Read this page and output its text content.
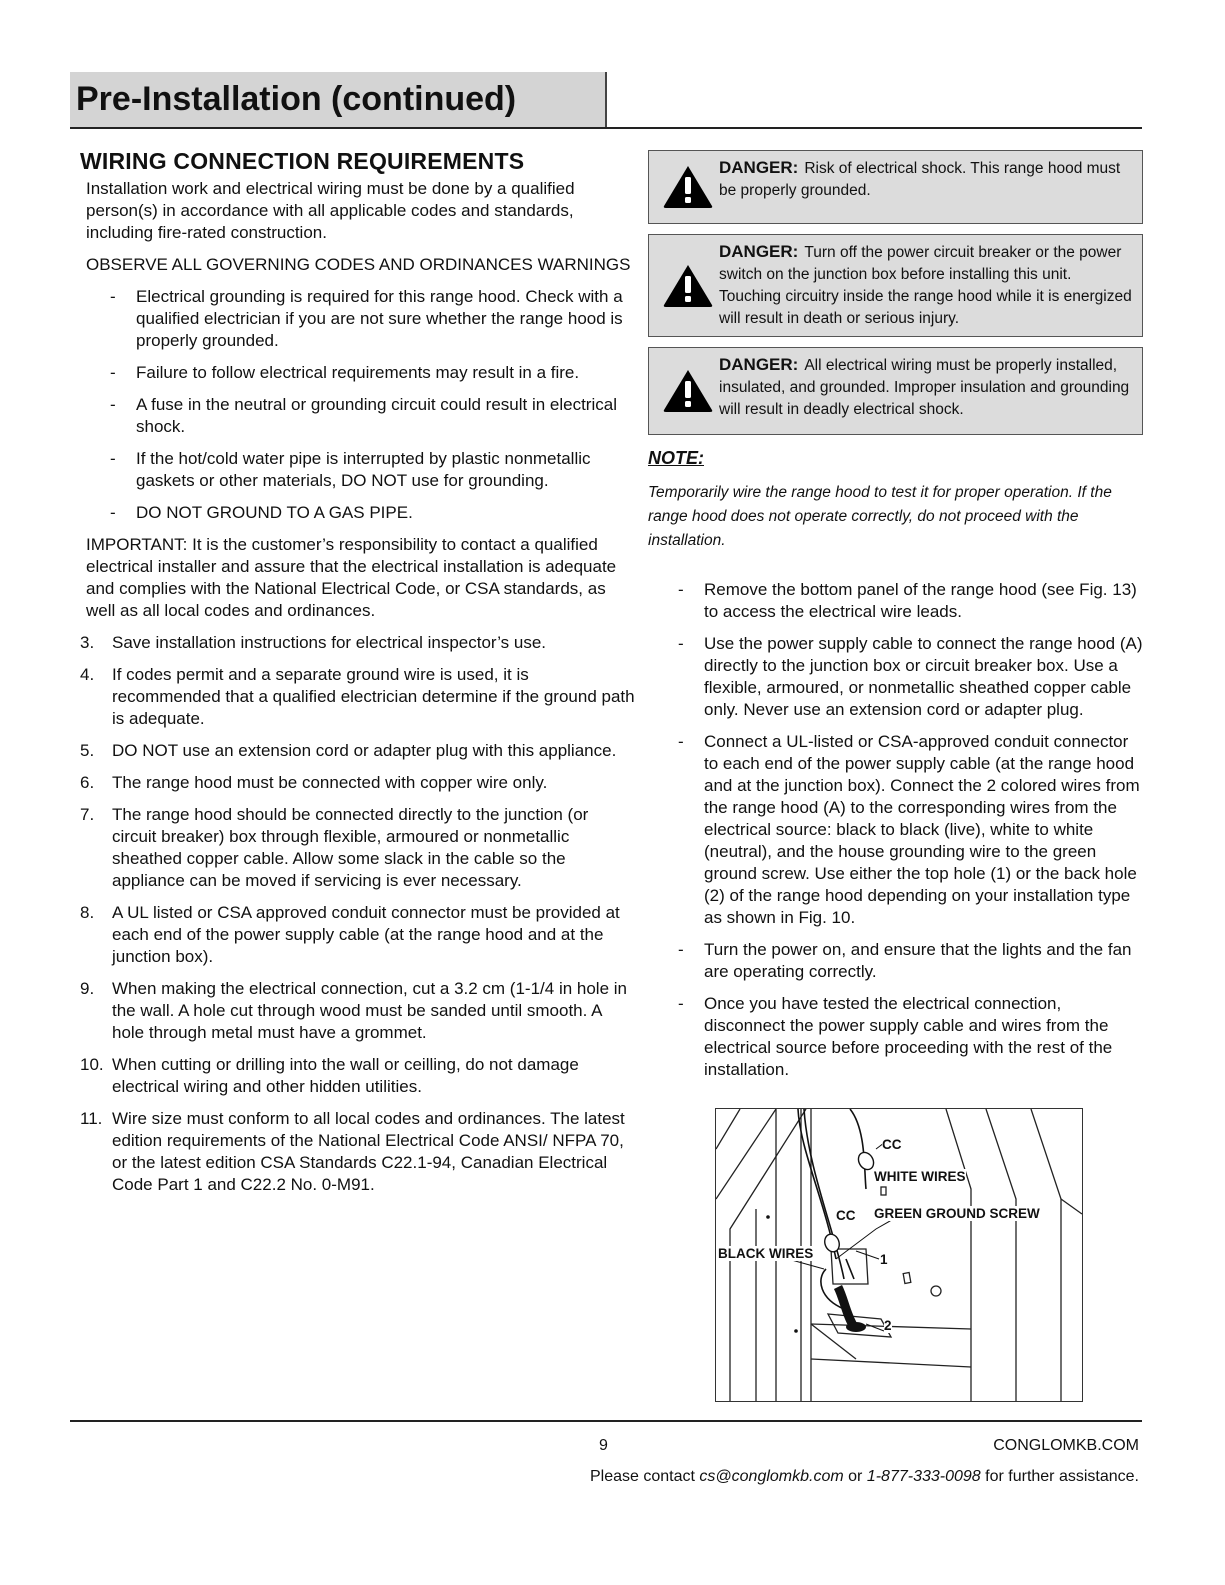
Pre-Installation (continued)
WIRING CONNECTION REQUIREMENTS
Installation work and electrical wiring must be done by a qualified person(s) in accordance with all applicable codes and standards, including fire-rated construction.
OBSERVE ALL GOVERNING CODES AND ORDINANCES WARNINGS
- Electrical grounding is required for this range hood. Check with a qualified electrician if you are not sure whether the range hood is properly grounded.
- Failure to follow electrical requirements may result in a fire.
- A fuse in the neutral or grounding circuit could result in electrical shock.
- If the hot/cold water pipe is interrupted by plastic nonmetallic gaskets or other materials, DO NOT use for grounding.
- DO NOT GROUND TO A GAS PIPE.
IMPORTANT: It is the customer’s responsibility to contact a qualified electrical installer and assure that the electrical installation is adequate and complies with the National Electrical Code, or CSA standards, as well as all local codes and ordinances.
3. Save installation instructions for electrical inspector’s use.
4. If codes permit and a separate ground wire is used, it is recommended that a qualified electrician determine if the ground path is adequate.
5. DO NOT use an extension cord or adapter plug with this appliance.
6. The range hood must be connected with copper wire only.
7. The range hood should be connected directly to the junction (or circuit breaker) box through flexible, armoured or nonmetallic sheathed copper cable. Allow some slack in the cable so the appliance can be moved if servicing is ever necessary.
8. A UL listed or CSA approved conduit connector must be provided at each end of the power supply cable (at the range hood and at the junction box).
9. When making the electrical connection, cut a 3.2 cm (1-1/4 in hole in the wall. A hole cut through wood must be sanded until smooth. A hole through metal must have a grommet.
10. When cutting or drilling into the wall or ceilling, do not damage electrical wiring and other hidden utilities.
11. Wire size must conform to all local codes and ordinances. The latest edition requirements of the National Electrical Code ANSI/ NFPA 70, or the latest edition CSA Standards C22.1-94, Canadian Electrical Code Part 1 and C22.2 No. 0-M91.
DANGER: Risk of electrical shock. This range hood must be properly grounded.
DANGER: Turn off the power circuit breaker or the power switch on the junction box before installing this unit. Touching circuitry inside the range hood while it is energized will result in death or serious injury.
DANGER: All electrical wiring must be properly installed, insulated, and grounded. Improper insulation and grounding will result in deadly electrical shock.
NOTE:
Temporarily wire the range hood to test it for proper operation. If the range hood does not operate correctly, do not proceed with the installation.
- Remove the bottom panel of the range hood (see Fig. 13) to access the electrical wire leads.
- Use the power supply cable to connect the range hood (A) directly to the junction box or circuit breaker box. Use a flexible, armoured, or nonmetallic sheathed copper cable only. Never use an extension cord or adapter plug.
- Connect a UL-listed or CSA-approved conduit connector to each end of the power supply cable (at the range hood and at the junction box). Connect the 2 colored wires from the range hood (A) to the corresponding wires from the electrical source: black to black (live), white to white (neutral), and the house grounding wire to the green ground screw. Use either the top hole (1) or the back hole (2) of the range hood depending on your installation type as shown in Fig. 10.
- Turn the power on, and ensure that the lights and the fan are operating correctly.
- Once you have tested the electrical connection, disconnect the power supply cable and wires from the electrical source before proceeding with the rest of the installation.
CC
WHITE WIRES
CC GREEN GROUND SCREW
BLACK WIRES	1
2
9	CONGLOMKB.COM
Please contact cs@conglomkb.com or 1-877-333-0098 for further assistance.
